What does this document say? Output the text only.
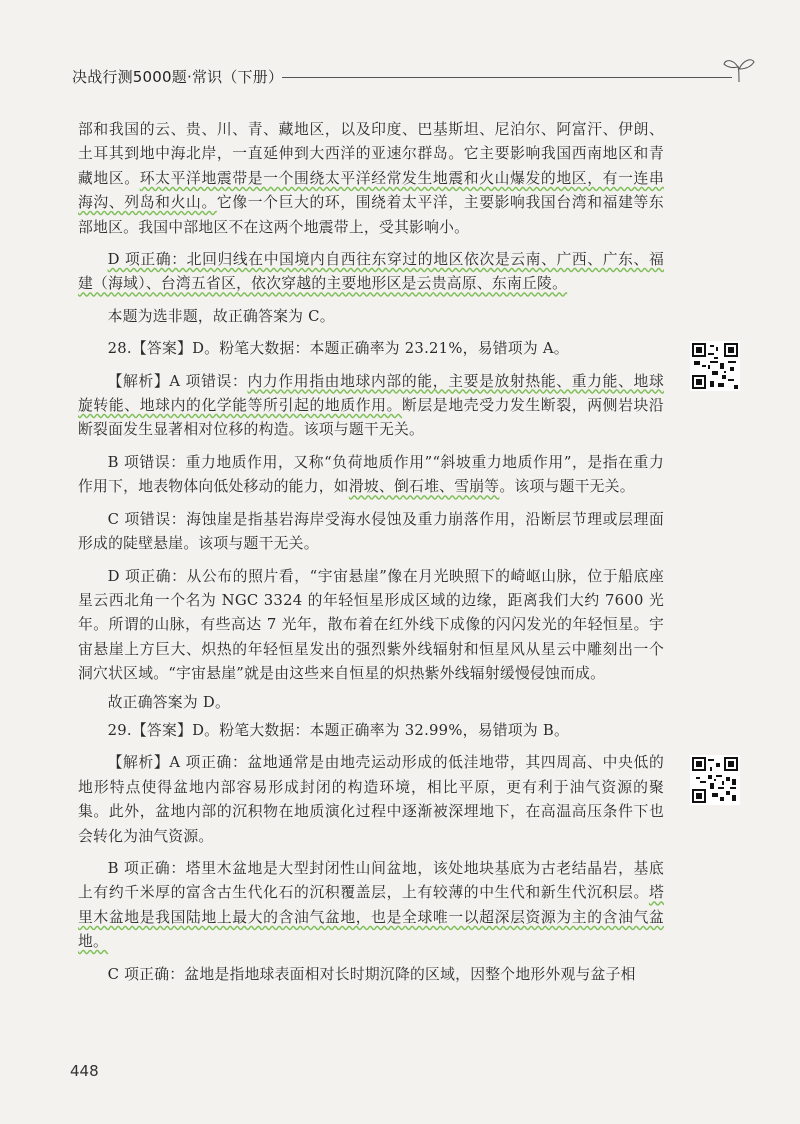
决战行测5000题·常识（下册）

部和我国的云、贵、川、青、藏地区，以及印度、巴基斯坦、尼泊尔、阿富汗、伊朗、土耳其到地中海北岸，一直延伸到大西洋的亚速尔群岛。它主要影响我国西南地区和青藏地区。环太平洋地震带是一个围绕太平洋经常发生地震和火山爆发的地区，有一连串海沟、列岛和火山。它像一个巨大的环，围绕着太平洋，主要影响我国台湾和福建等东部地区。我国中部地区不在这两个地震带上，受其影响小。

D 项正确：北回归线在中国境内自西往东穿过的地区依次是云南、广西、广东、福建（海域）、台湾五省区，依次穿越的主要地形区是云贵高原、东南丘陵。

本题为选非题，故正确答案为 C。

28.【答案】D。粉笔大数据：本题正确率为 23.21%，易错项为 A。

【解析】A 项错误：内力作用指由地球内部的能，主要是放射热能、重力能、地球旋转能、地球内的化学能等所引起的地质作用。断层是地壳受力发生断裂，两侧岩块沿断裂面发生显著相对位移的构造。该项与题干无关。

B 项错误：重力地质作用，又称“负荷地质作用”“斜坡重力地质作用”，是指在重力作用下，地表物体向低处移动的能力，如滑坡、倒石堆、雪崩等。该项与题干无关。

C 项错误：海蚀崖是指基岩海岸受海水侵蚀及重力崩落作用，沿断层节理或层理面形成的陡壁悬崖。该项与题干无关。

D 项正确：从公布的照片看，“宇宙悬崖”像在月光映照下的崎岖山脉，位于船底座星云西北角一个名为 NGC 3324 的年轻恒星形成区域的边缘，距离我们大约 7600 光年。所谓的山脉，有些高达 7 光年，散布着在红外线下成像的闪闪发光的年轻恒星。宇宙悬崖上方巨大、炽热的年轻恒星发出的强烈紫外线辐射和恒星风从星云中雕刻出一个洞穴状区域。“宇宙悬崖”就是由这些来自恒星的炽热紫外线辐射缓慢侵蚀而成。

故正确答案为 D。

29.【答案】D。粉笔大数据：本题正确率为 32.99%，易错项为 B。

【解析】A 项正确：盆地通常是由地壳运动形成的低洼地带，其四周高、中央低的地形特点使得盆地内部容易形成封闭的构造环境，相比平原，更有利于油气资源的聚集。此外，盆地内部的沉积物在地质演化过程中逐渐被深埋地下，在高温高压条件下也会转化为油气资源。

B 项正确：塔里木盆地是大型封闭性山间盆地，该处地块基底为古老结晶岩，基底上有约千米厚的富含古生代化石的沉积覆盖层，上有较薄的中生代和新生代沉积层。塔里木盆地是我国陆地上最大的含油气盆地，也是全球唯一以超深层资源为主的含油气盆地。

C 项正确：盆地是指地球表面相对长时期沉降的区域，因整个地形外观与盆子相

448
